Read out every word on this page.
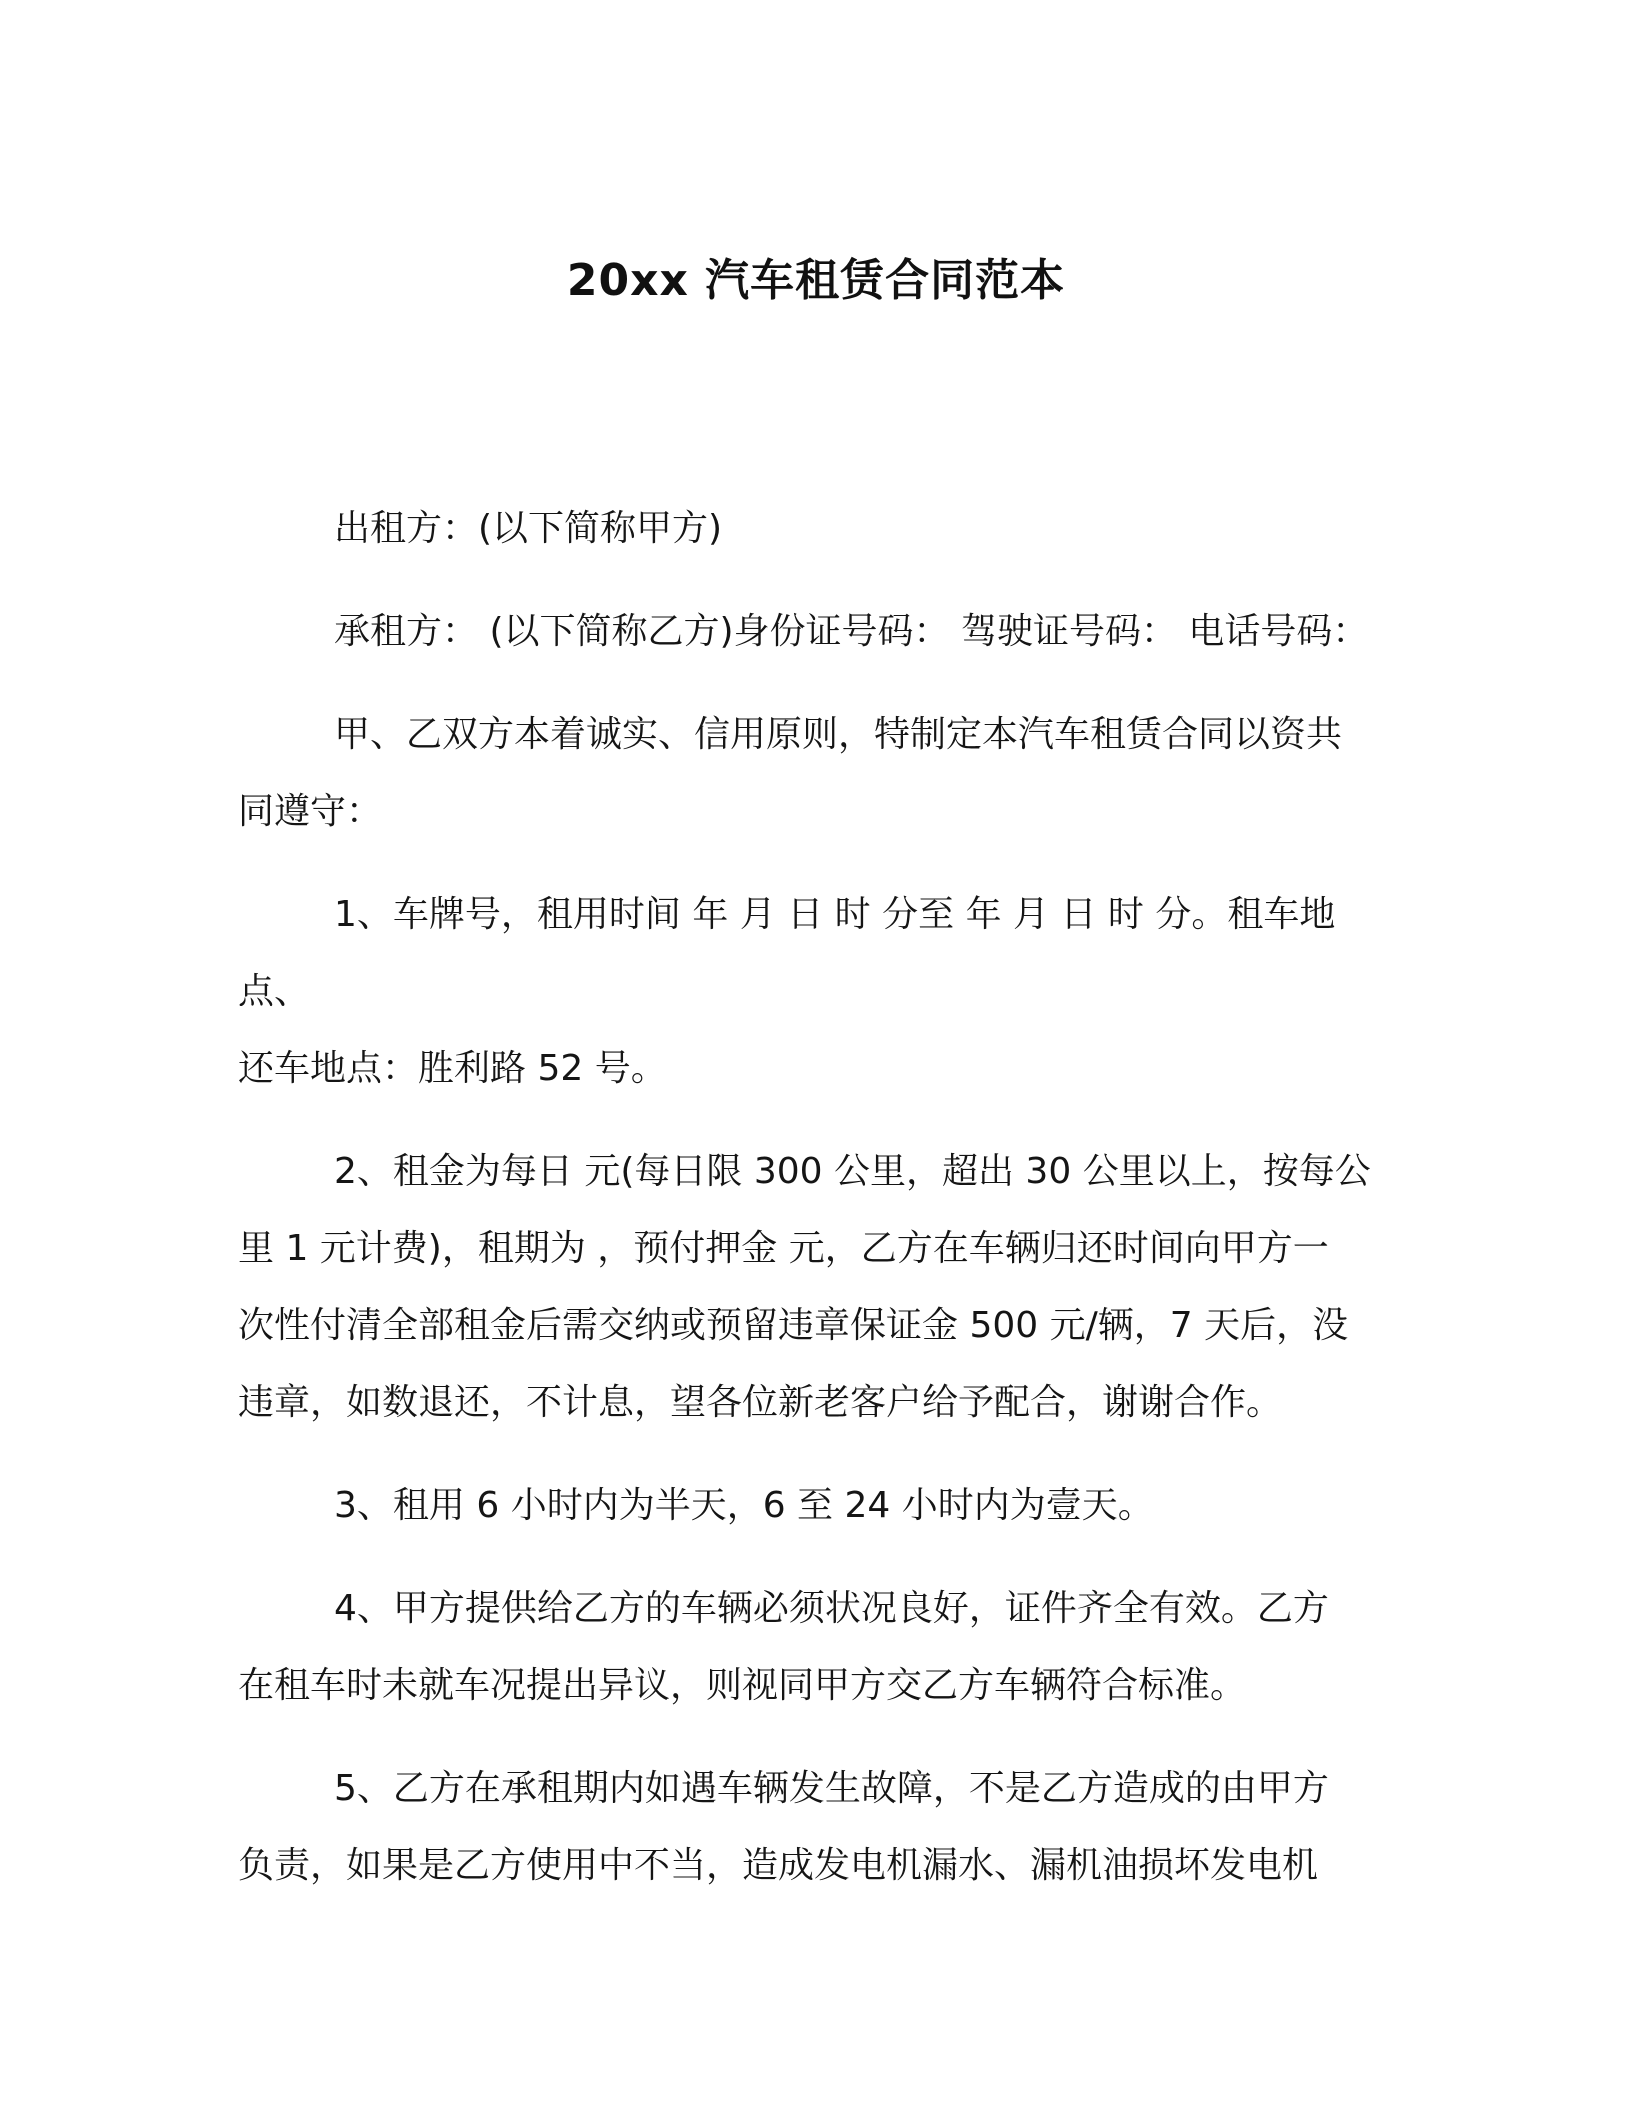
20xx 汽车租赁合同范本

出租方：(以下简称甲方)

承租方： (以下简称乙方)身份证号码： 驾驶证号码： 电话号码：

甲、乙双方本着诚实、信用原则，特制定本汽车租赁合同以资共
同遵守：

1、车牌号，租用时间 年 月 日 时 分至 年 月 日 时 分。租车地点、
还车地点：胜利路 52 号。

2、租金为每日 元(每日限 300 公里，超出 30 公里以上，按每公
里 1 元计费)，租期为 ，预付押金 元，乙方在车辆归还时间向甲方一
次性付清全部租金后需交纳或预留违章保证金 500 元/辆，7 天后，没
违章，如数退还，不计息，望各位新老客户给予配合，谢谢合作。

3、租用 6 小时内为半天，6 至 24 小时内为壹天。

4、甲方提供给乙方的车辆必须状况良好，证件齐全有效。乙方
在租车时未就车况提出异议，则视同甲方交乙方车辆符合标准。

5、乙方在承租期内如遇车辆发生故障，不是乙方造成的由甲方
负责，如果是乙方使用中不当，造成发电机漏水、漏机油损坏发电机
